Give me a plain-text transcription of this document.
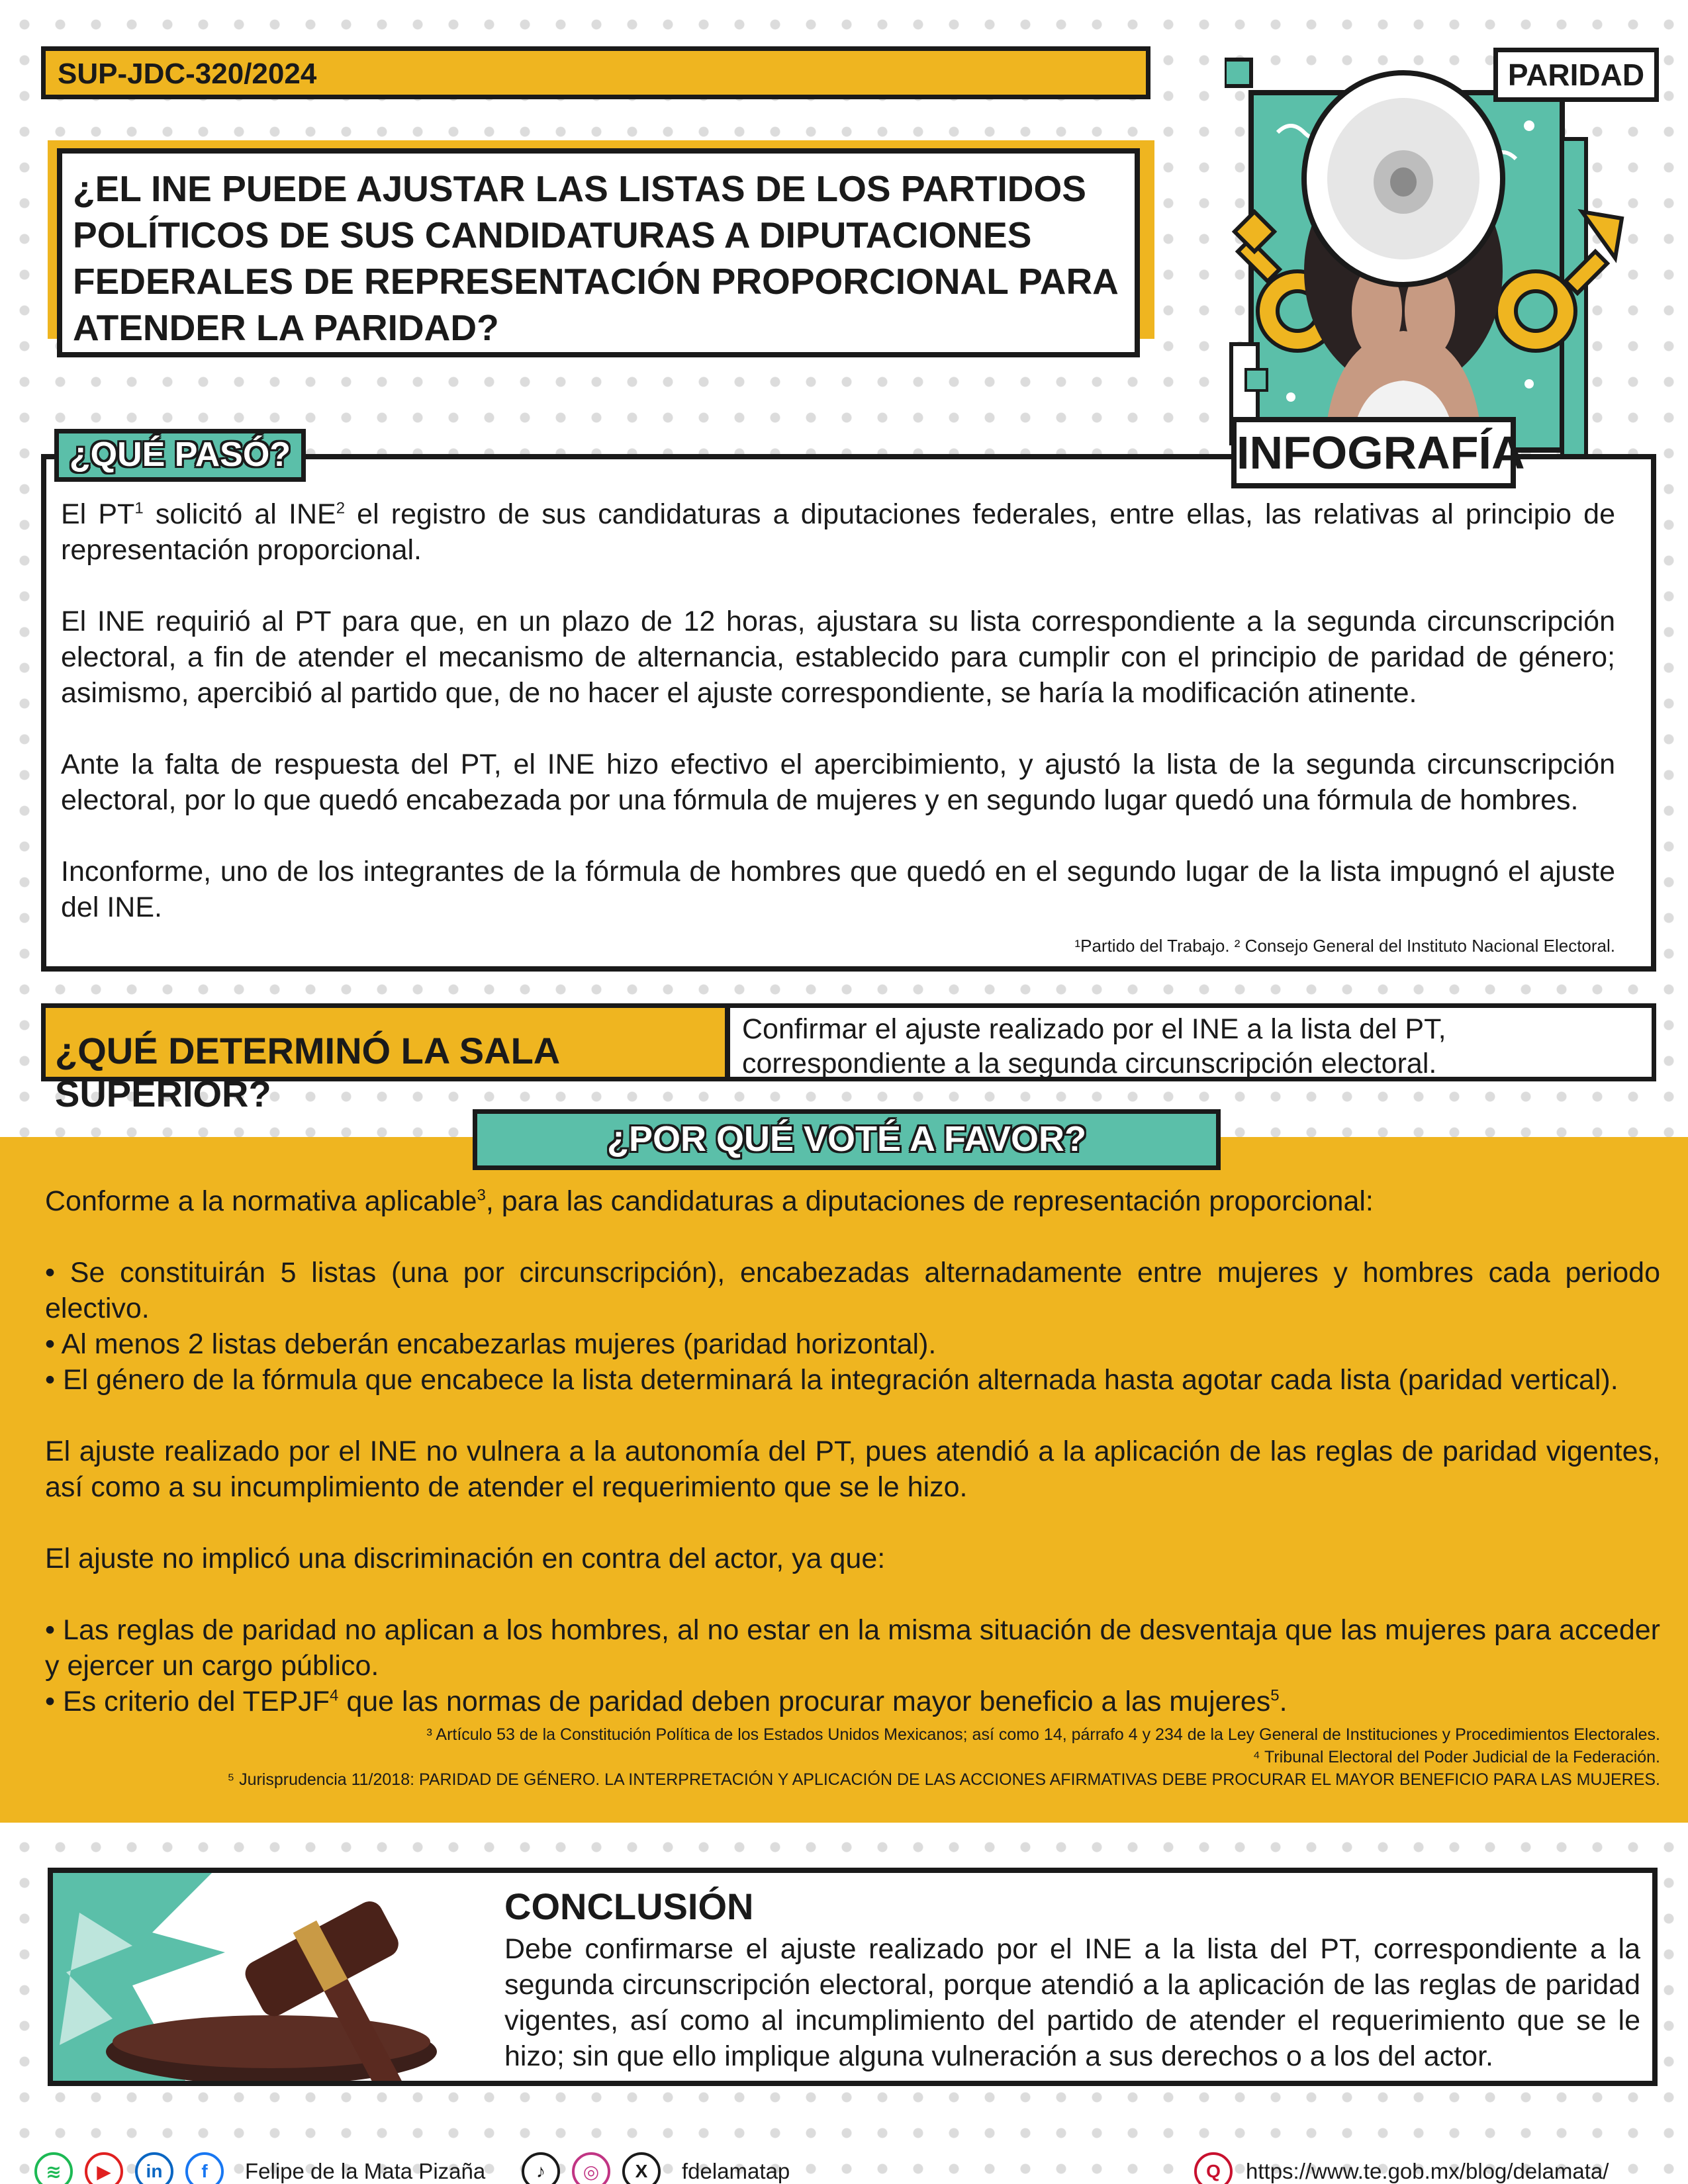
SUP-JDC-320/2024
¿EL INE PUEDE AJUSTAR LAS LISTAS DE LOS PARTIDOS POLÍTICOS DE SUS CANDIDATURAS A DIPUTACIONES FEDERALES DE REPRESENTACIÓN PROPORCIONAL PARA ATENDER LA PARIDAD?
PARIDAD

El $PT^1$ solicitó al INE$^2$ el registro de sus candidaturas a diputaciones federales, entre ellas, las relativas al principio de representación proporcional.

El INE requirió al PT para que, en un plazo de 12 horas, ajustara su lista correspondiente a la segunda circunscripción electoral, a fin de atender el mecanismo de alternancia, establecido para cumplir con el principio de paridad de género; asimismo, apercibió al partido que, de no hacer el ajuste correspondiente, se haría la modificación atinente.

Ante la falta de respuesta del PT, el INE hizo efectivo el apercibimiento, y ajustó la lista de la segunda circunscripción electoral, por lo que quedó encabezada por una fórmula de mujeres y en segundo lugar quedó una fórmula de hombres.

Inconforme, uno de los integrantes de la fórmula de hombres que quedó en el segundo lugar de la lista impugnó el ajuste del INE.

¹Partido del Trabajo. ² Consejo General del Instituto Nacional Electoral.
¿QUÉ PASÓ?	INFOGRAFÍA
¿QUÉ DETERMINÓ LA SALA SUPERIOR?
Confirmar el ajuste realizado por el INE a la lista del PT, correspondiente a la segunda circunscripción electoral.
¿POR QUÉ VOTÉ A FAVOR?

Conforme a la normativa aplicable$^3$, para las candidaturas a diputaciones de representación proporcional:

• Se constituirán 5 listas (una por circunscripción), encabezadas alternadamente entre mujeres y hombres cada periodo electivo.

• Al menos 2 listas deberán encabezarlas mujeres (paridad horizontal).

• El género de la fórmula que encabece la lista determinará la integración alternada hasta agotar cada lista (paridad vertical).

El ajuste realizado por el INE no vulnera a la autonomía del PT, pues atendió a la aplicación de las reglas de paridad vigentes, así como a su incumplimiento de atender el requerimiento que se le hizo.

El ajuste no implicó una discriminación en contra del actor, ya que:

• Las reglas de paridad no aplican a los hombres, al no estar en la misma situación de desventaja que las mujeres para acceder y ejercer un cargo público.

• Es criterio del TEPJF$^4$ que las normas de paridad deben procurar mayor beneficio a las mujeres$^5$.

³ Artículo 53 de la Constitución Política de los Estados Unidos Mexicanos; así como 14, párrafo 4 y 234 de la Ley General de Instituciones y Procedimientos Electorales.
⁴ Tribunal Electoral del Poder Judicial de la Federación.
⁵ Jurisprudencia 11/2018: PARIDAD DE GÉNERO. LA INTERPRETACIÓN Y APLICACIÓN DE LAS ACCIONES AFIRMATIVAS DEBE PROCURAR EL MAYOR BENEFICIO PARA LAS MUJERES.
CONCLUSIÓN
Debe confirmarse el ajuste realizado por el INE a la lista del PT, correspondiente a la segunda circunscripción electoral, porque atendió a la aplicación de las reglas de paridad vigentes, así como al incumplimiento del partido de atender el requerimiento que se le hizo; sin que ello implique alguna vulneración a sus derechos o a los del actor.
≋	▶	in	f	Felipe de la Mata Pizaña	♪	◎	X	fdelamatap	Q	https://www.te.gob.mx/blog/delamata/
